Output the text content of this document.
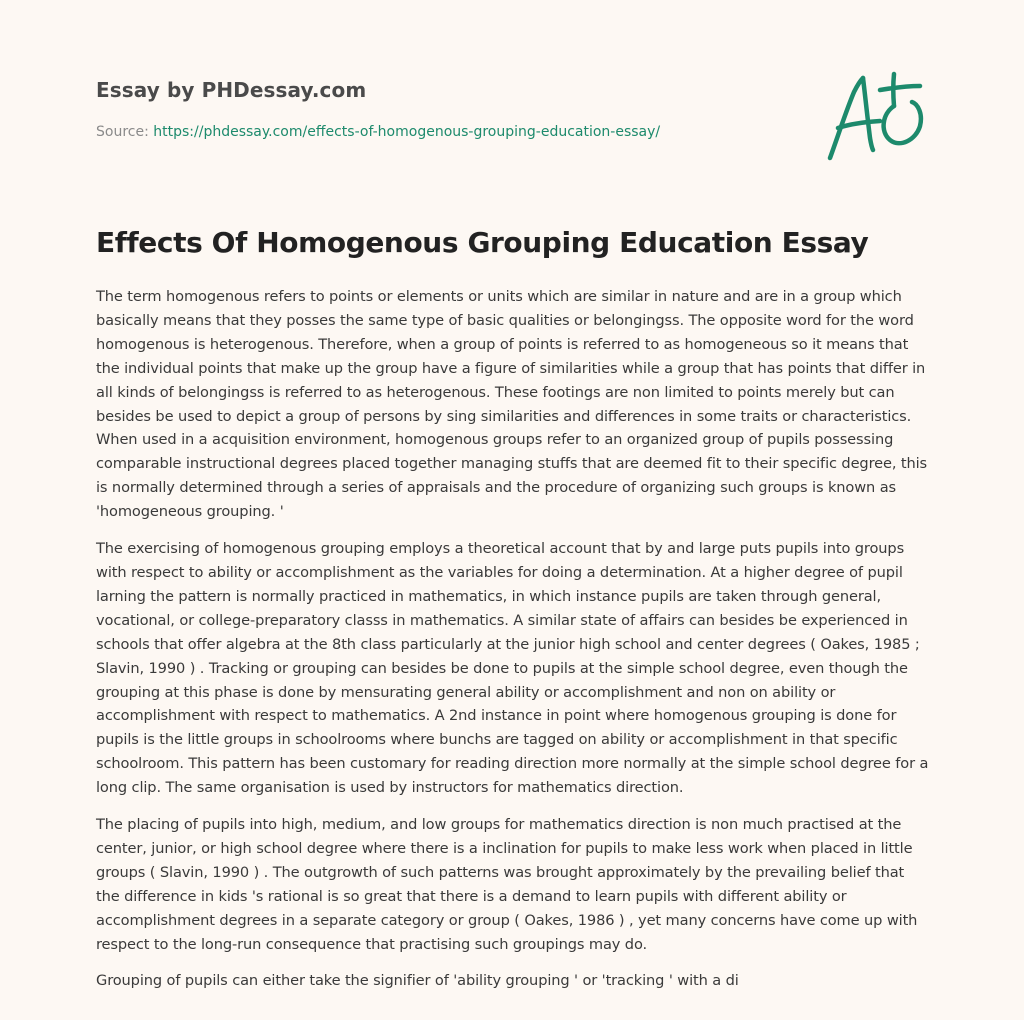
Essay by PHDessay.com
Source: https://phdessay.com/effects-of-homogenous-grouping-education-essay/
Effects Of Homogenous Grouping Education Essay

The term homogenous refers to points or elements or units which are similar in nature and are in a group which basically means that they posses the same type of basic qualities or belongingss. The opposite word for the word homogenous is heterogenous. Therefore, when a group of points is referred to as homogeneous so it means that the individual points that make up the group have a figure of similarities while a group that has points that differ in all kinds of belongingss is referred to as heterogenous. These footings are non limited to points merely but can besides be used to depict a group of persons by sing similarities and differences in some traits or characteristics. When used in a acquisition environment, homogenous groups refer to an organized group of pupils possessing comparable instructional degrees placed together managing stuffs that are deemed fit to their specific degree, this is normally determined through a series of appraisals and the procedure of organizing such groups is known as 'homogeneous grouping. '

The exercising of homogenous grouping employs a theoretical account that by and large puts pupils into groups with respect to ability or accomplishment as the variables for doing a determination. At a higher degree of pupil larning the pattern is normally practiced in mathematics, in which instance pupils are taken through general, vocational, or college-preparatory classs in mathematics. A similar state of affairs can besides be experienced in schools that offer algebra at the 8th class particularly at the junior high school and center degrees ( Oakes, 1985 ; Slavin, 1990 ) . Tracking or grouping can besides be done to pupils at the simple school degree, even though the grouping at this phase is done by mensurating general ability or accomplishment and non on ability or accomplishment with respect to mathematics. A 2nd instance in point where homogenous grouping is done for pupils is the little groups in schoolrooms where bunchs are tagged on ability or accomplishment in that specific schoolroom. This pattern has been customary for reading direction more normally at the simple school degree for a long clip. The same organisation is used by instructors for mathematics direction.

The placing of pupils into high, medium, and low groups for mathematics direction is non much practised at the center, junior, or high school degree where there is a inclination for pupils to make less work when placed in little groups ( Slavin, 1990 ) . The outgrowth of such patterns was brought approximately by the prevailing belief that the difference in kids 's rational is so great that there is a demand to learn pupils with different ability or accomplishment degrees in a separate category or group ( Oakes, 1986 ) , yet many concerns have come up with respect to the long-run consequence that practising such groupings may do.

Grouping of pupils can either take the signifier of 'ability grouping ' or 'tracking ' with a di
